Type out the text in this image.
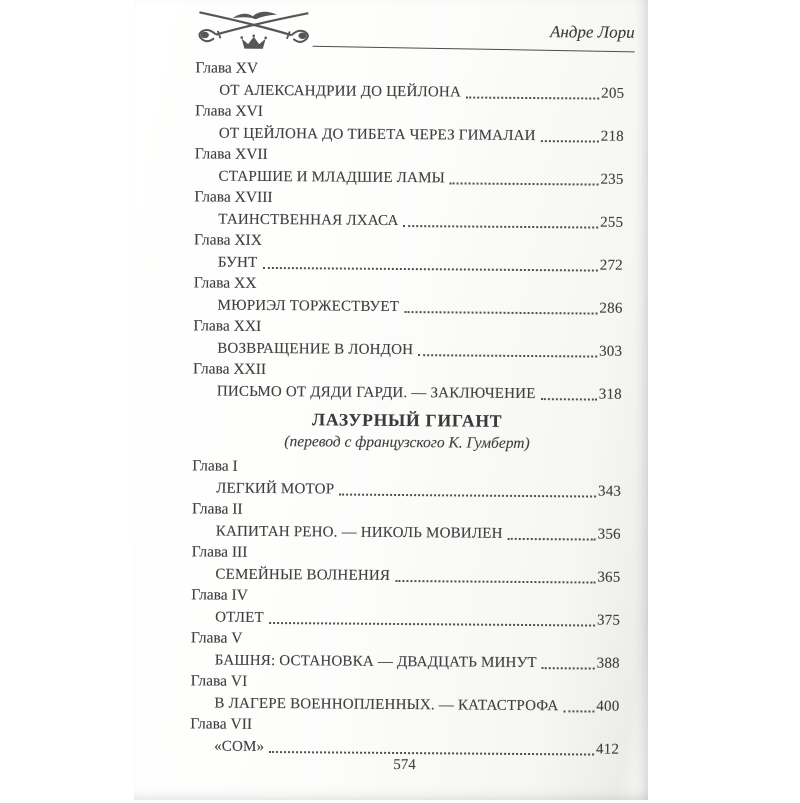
Андре Лори
Глава XV
ОТ АЛЕКСАНДРИИ ДО ЦЕЙЛОНА	205
Глава XVI
ОТ ЦЕЙЛОНА ДО ТИБЕТА ЧЕРЕЗ ГИМАЛАИ	218
Глава XVII
СТАРШИЕ И МЛАДШИЕ ЛАМЫ	235
Глава XVIII
ТАИНСТВЕННАЯ ЛХАСА	255
Глава XIX
БУНТ	272
Глава XX
МЮРИЭЛ ТОРЖЕСТВУЕТ	286
Глава XXI
ВОЗВРАЩЕНИЕ В ЛОНДОН	303
Глава XXII
ПИСЬМО ОТ ДЯДИ ГАРДИ. — ЗАКЛЮЧЕНИЕ	318
ЛАЗУРНЫЙ ГИГАНТ
(перевод с французского К. Гумберт)
Глава I
ЛЕГКИЙ МОТОР	343
Глава II
КАПИТАН РЕНО. — НИКОЛЬ МОВИЛЕН	356
Глава III
СЕМЕЙНЫЕ ВОЛНЕНИЯ	365
Глава IV
ОТЛЕТ	375
Глава V
БАШНЯ: ОСТАНОВКА — ДВАДЦАТЬ МИНУТ	388
Глава VI
В ЛАГЕРЕ ВОЕННОПЛЕННЫХ. — КАТАСТРОФА	400
Глава VII
«СОМ»	412
574
